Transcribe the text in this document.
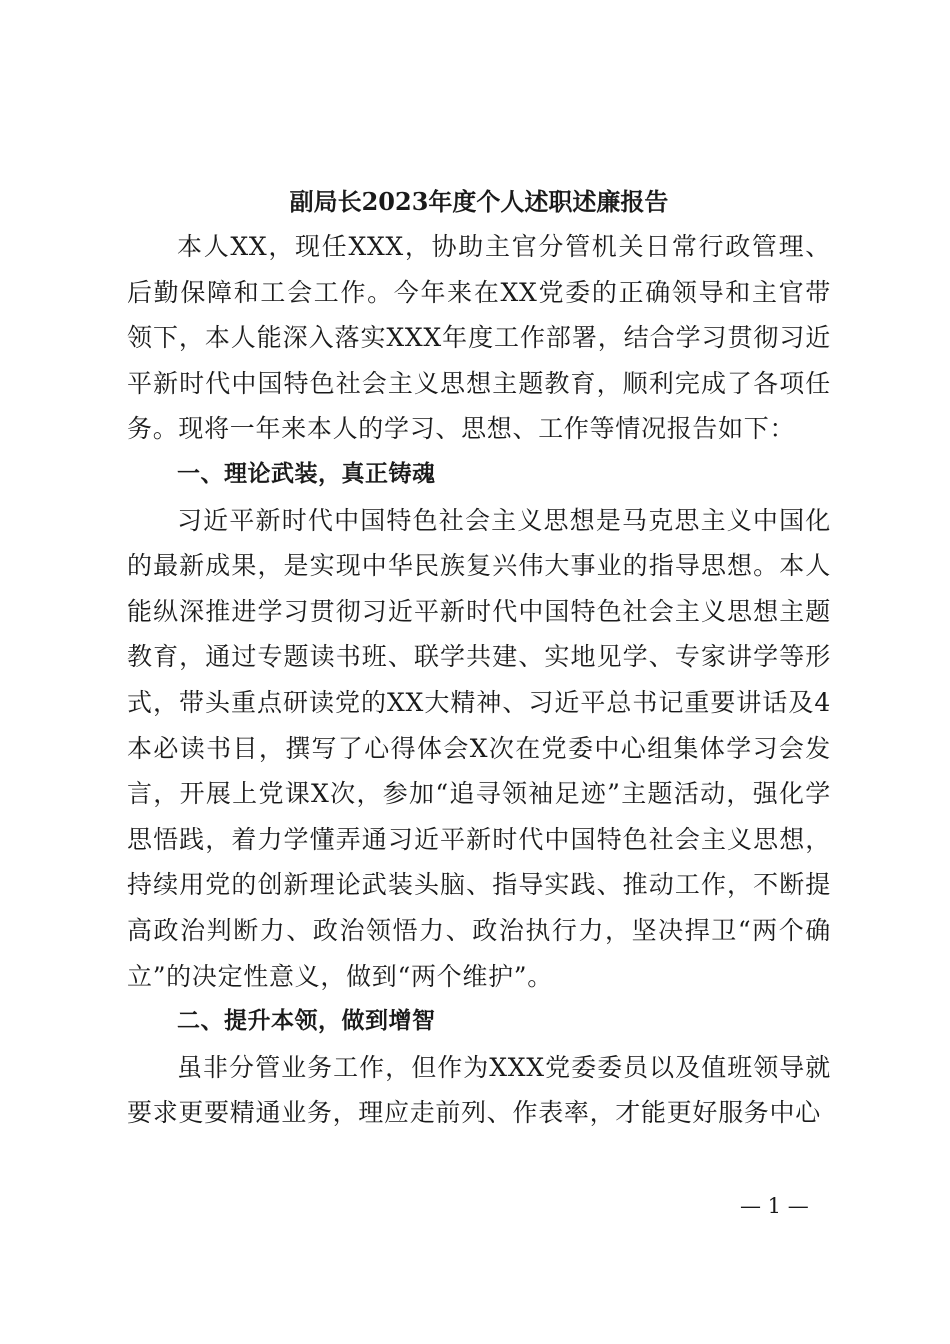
副局长2023年度个人述职述廉报告

本人XX，现任XXX，协助主官分管机关日常行政管理、后勤保障和工会工作。今年来在XX党委的正确领导和主官带领下，本人能深入落实XXX年度工作部署，结合学习贯彻习近平新时代中国特色社会主义思想主题教育，顺利完成了各项任务。现将一年来本人的学习、思想、工作等情况报告如下：

一、理论武装，真正铸魂

习近平新时代中国特色社会主义思想是马克思主义中国化的最新成果，是实现中华民族复兴伟大事业的指导思想。本人能纵深推进学习贯彻习近平新时代中国特色社会主义思想主题教育，通过专题读书班、联学共建、实地见学、专家讲学等形式，带头重点研读党的XX大精神、习近平总书记重要讲话及4本必读书目，撰写了心得体会X次在党委中心组集体学习会发言，开展上党课X次，参加“追寻领袖足迹”主题活动，强化学思悟践，着力学懂弄通习近平新时代中国特色社会主义思想，持续用党的创新理论武装头脑、指导实践、推动工作，不断提高政治判断力、政治领悟力、政治执行力，坚决捍卫“两个确立”的决定性意义，做到“两个维护”。

二、提升本领，做到增智

虽非分管业务工作，但作为XXX党委委员以及值班领导就要求更要精通业务，理应走前列、作表率，才能更好服务中心

— 1 —
